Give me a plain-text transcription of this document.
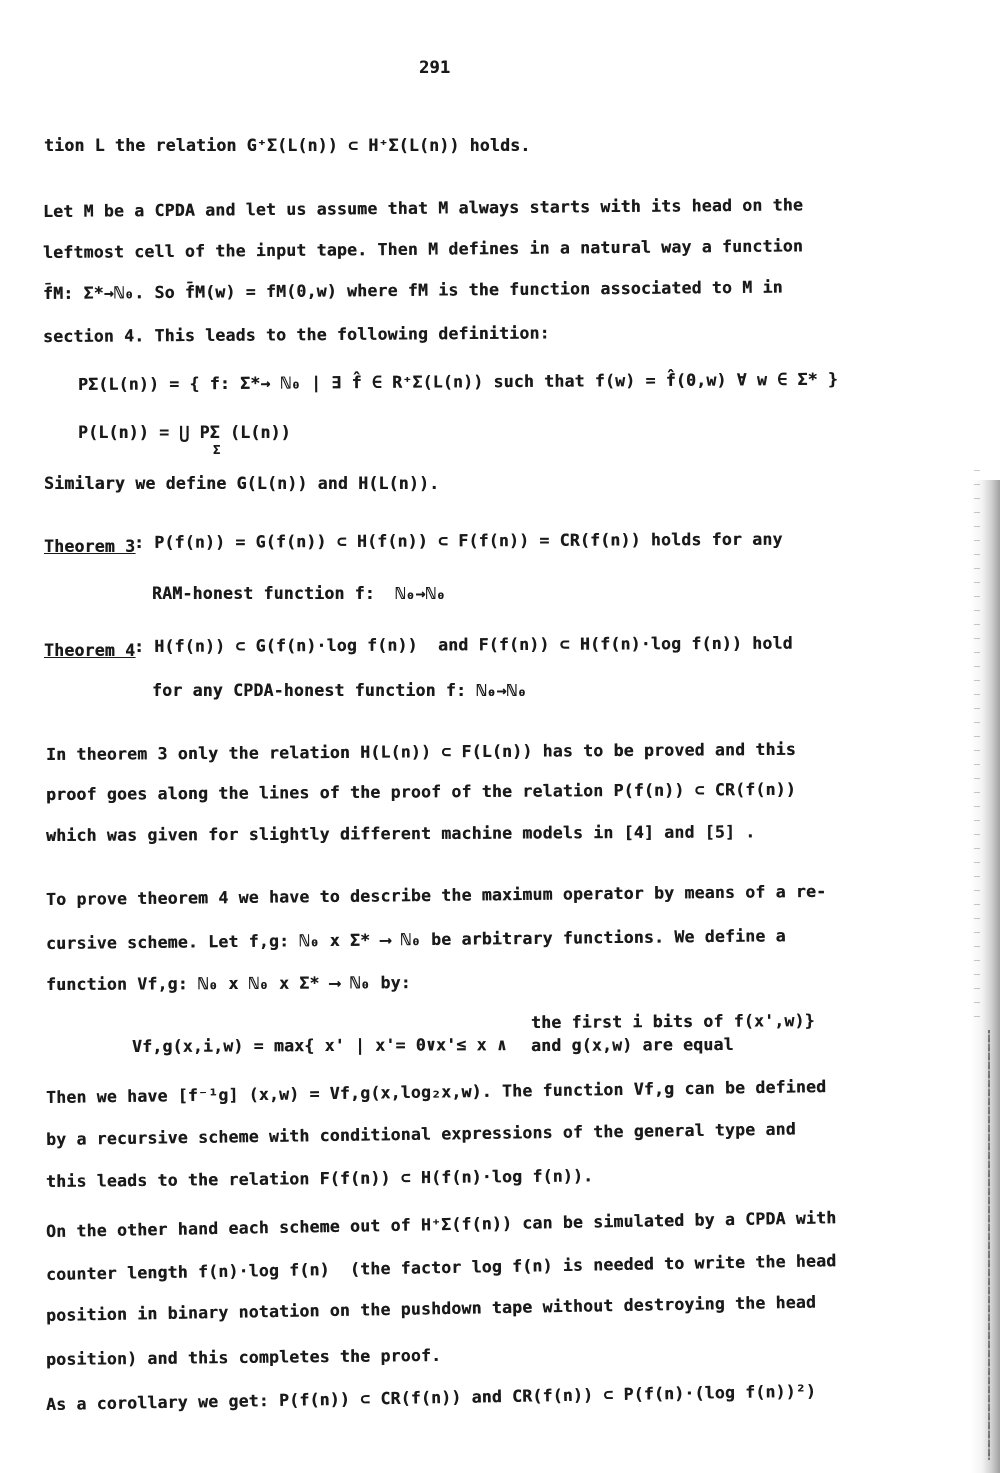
291
tion L the relation G⁺Σ(L(n)) ⊂ H⁺Σ(L(n)) holds.
Let M be a CPDA and let us assume that M always starts with its head on the
leftmost cell of the input tape. Then M defines in a natural way a function
f̄M: Σ*→ℕ₀. So f̄M(w) = fM(0,w) where fM is the function associated to M in
section 4. This leads to the following definition:
PΣ(L(n)) = { f: Σ*→ ℕ₀ | ∃ f̂ ∈ R⁺Σ(L(n)) such that f(w) = f̂(0,w) ∀ w ∈ Σ* }
P(L(n)) = ⋃ PΣ (L(n))
Σ
Similary we define G(L(n)) and H(L(n)).
Theorem 3
: P(f(n)) = G(f(n)) ⊂ H(f(n)) ⊂ F(f(n)) = CR(f(n)) holds for any
RAM-honest function f:  ℕ₀→ℕ₀
Theorem 4
: H(f(n)) ⊂ G(f(n)·log f(n))  and F(f(n)) ⊂ H(f(n)·log f(n)) hold
for any CPDA-honest function f: ℕ₀→ℕ₀
In theorem 3 only the relation H(L(n)) ⊂ F(L(n)) has to be proved and this
proof goes along the lines of the proof of the relation P(f(n)) ⊂ CR(f(n))
which was given for slightly different machine models in [4] and [5] .
To prove theorem 4 we have to describe the maximum operator by means of a re-
cursive scheme. Let f,g: ℕ₀ x Σ* ⟶ ℕ₀ be arbitrary functions. We define a
function Vf,g: ℕ₀ x ℕ₀ x Σ* ⟶ ℕ₀ by:
the first i bits of f(x',w)}
Vf,g(x,i,w) = max{ x' | x'= 0∨x'≤ x ∧ and g(x,w) are equal
Then we have [f⁻¹g] (x,w) = Vf,g(x,log₂x,w). The function Vf,g can be defined
by a recursive scheme with conditional expressions of the general type and
this leads to the relation F(f(n)) ⊂ H(f(n)·log f(n)).
On the other hand each scheme out of H⁺Σ(f(n)) can be simulated by a CPDA with
counter length f(n)·log f(n)  (the factor log f(n) is needed to write the head
position in binary notation on the pushdown tape without destroying the head
position) and this completes the proof.
As a corollary we get: P(f(n)) ⊂ CR(f(n)) and CR(f(n)) ⊂ P(f(n)·(log f(n))²)
